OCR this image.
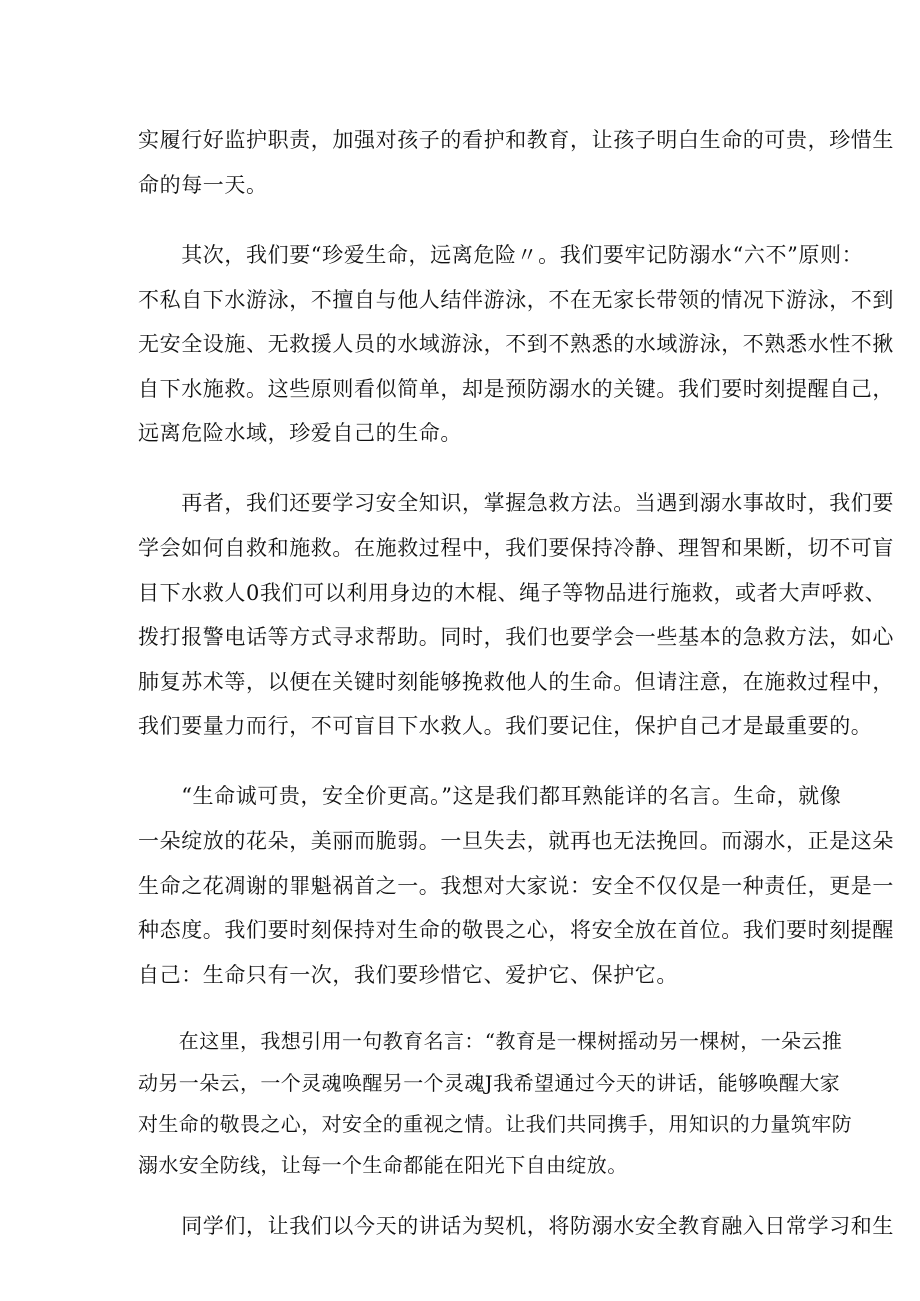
实履行好监护职责，加强对孩子的看护和教育，让孩子明白生命的可贵，珍惜生
命的每一天。
　　其次，我们要“珍爱生命，远离危险〃。我们要牢记防溺水“六不”原则：
不私自下水游泳，不擅自与他人结伴游泳，不在无家长带领的情况下游泳，不到
无安全设施、无救援人员的水域游泳，不到不熟悉的水域游泳，不熟悉水性不揪
自下水施救。这些原则看似简单，却是预防溺水的关键。我们要时刻提醒自己，
远离危险水域，珍爱自己的生命。
　　再者，我们还要学习安全知识，掌握急救方法。当遇到溺水事故时，我们要
学会如何自救和施救。在施救过程中，我们要保持冷静、理智和果断，切不可盲
目下水救人0我们可以利用身边的木棍、绳子等物品进行施救，或者大声呼救、
拨打报警电话等方式寻求帮助。同时，我们也要学会一些基本的急救方法，如心
肺复苏术等，以便在关键时刻能够挽救他人的生命。但请注意，在施救过程中，
我们要量力而行，不可盲目下水救人。我们要记住，保护自己才是最重要的。
　　“生命诚可贵，安全价更高。”这是我们都耳熟能详的名言。生命，就像
一朵绽放的花朵，美丽而脆弱。一旦失去，就再也无法挽回。而溺水，正是这朵
生命之花凋谢的罪魁祸首之一。我想对大家说：安全不仅仅是一种责任，更是一
种态度。我们要时刻保持对生命的敬畏之心，将安全放在首位。我们要时刻提醒
自己：生命只有一次，我们要珍惜它、爱护它、保护它。
　　在这里，我想引用一句教育名言：“教育是一棵树摇动另一棵树，一朵云推
动另一朵云，一个灵魂唤醒另一个灵魂J我希望通过今天的讲话，能够唤醒大家
对生命的敬畏之心，对安全的重视之情。让我们共同携手，用知识的力量筑牢防
溺水安全防线，让每一个生命都能在阳光下自由绽放。
　　同学们，让我们以今天的讲话为契机，将防溺水安全教育融入日常学习和生
